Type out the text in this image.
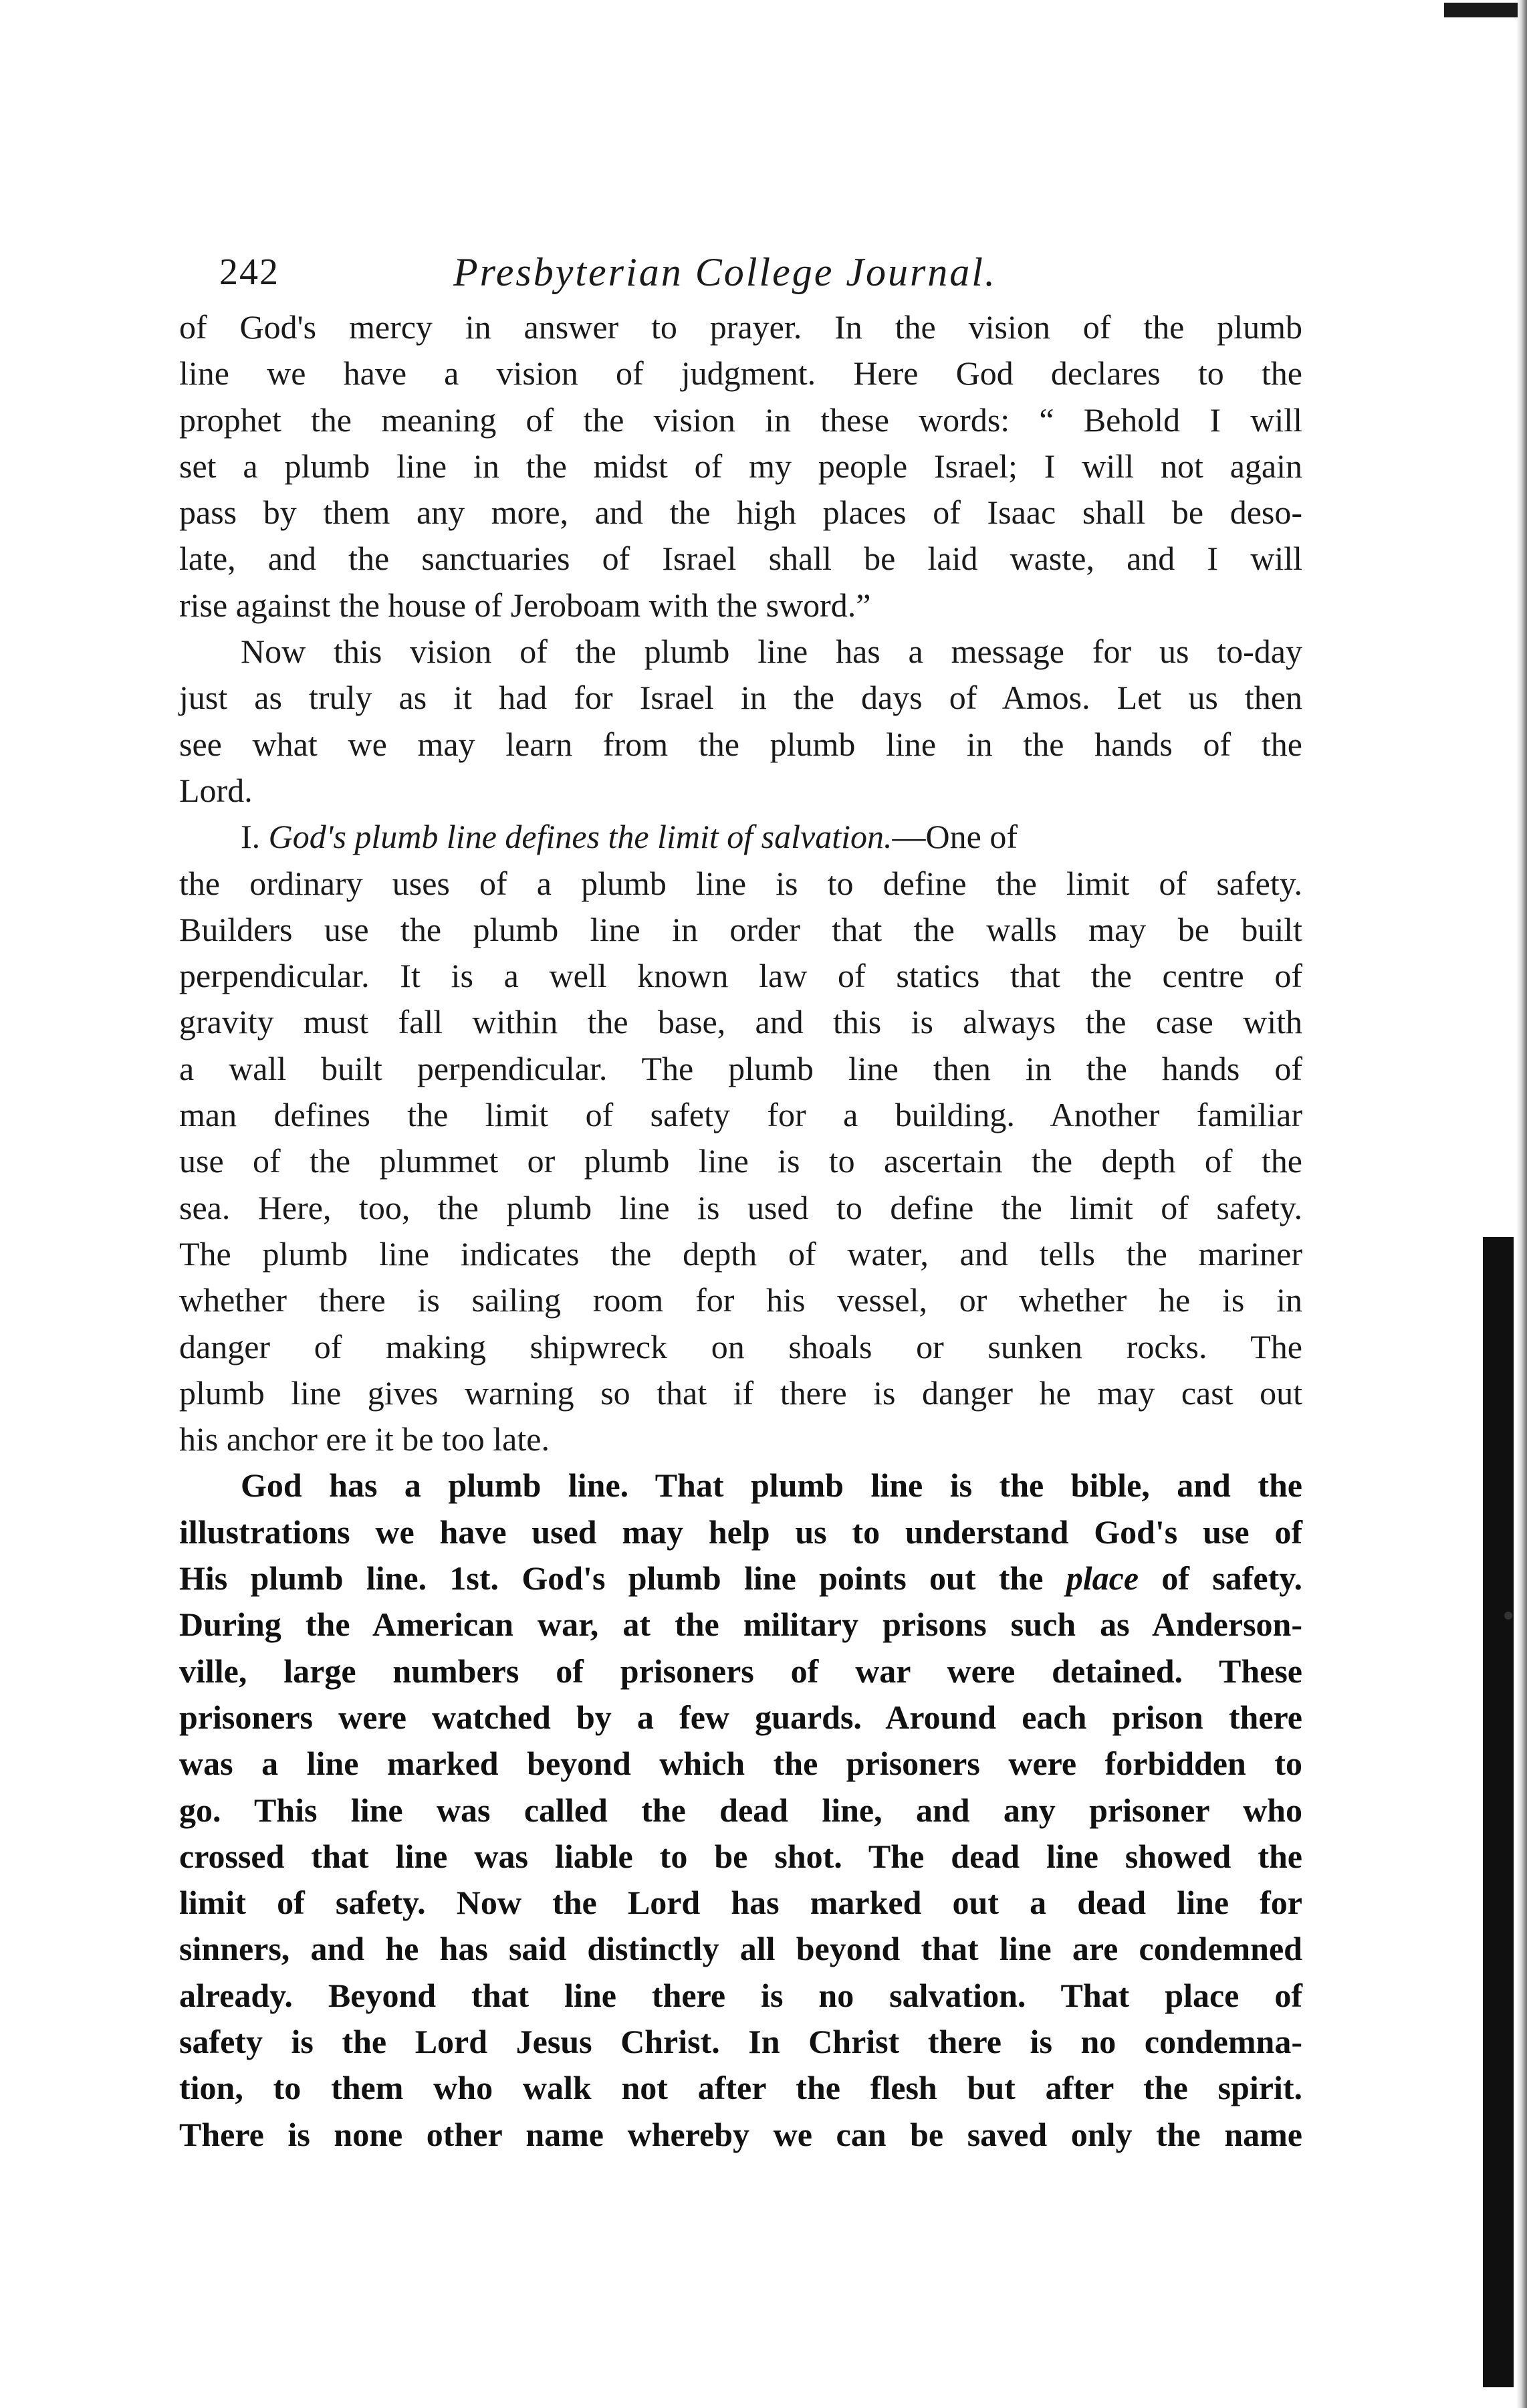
242	Presbyterian College Journal.
of God's mercy in answer to prayer. In the vision of the plumb
line we have a vision of judgment. Here God declares to the
prophet the meaning of the vision in these words: “ Behold I will
set a plumb line in the midst of my people Israel; I will not again
pass by them any more, and the high places of Isaac shall be deso-
late, and the sanctuaries of Israel shall be laid waste, and I will
rise against the house of Jeroboam with the sword.”
Now this vision of the plumb line has a message for us to-day
just as truly as it had for Israel in the days of Amos. Let us then
see what we may learn from the plumb line in the hands of the
Lord.
I. God's plumb line defines the limit of salvation.—One of
the ordinary uses of a plumb line is to define the limit of safety.
Builders use the plumb line in order that the walls may be built
perpendicular. It is a well known law of statics that the centre of
gravity must fall within the base, and this is always the case with
a wall built perpendicular. The plumb line then in the hands of
man defines the limit of safety for a building. Another familiar
use of the plummet or plumb line is to ascertain the depth of the
sea. Here, too, the plumb line is used to define the limit of safety.
The plumb line indicates the depth of water, and tells the mariner
whether there is sailing room for his vessel, or whether he is in
danger of making shipwreck on shoals or sunken rocks. The
plumb line gives warning so that if there is danger he may cast out
his anchor ere it be too late.
God has a plumb line. That plumb line is the bible, and the
illustrations we have used may help us to understand God's use of
His plumb line. 1st. God's plumb line points out the place of safety.
During the American war, at the military prisons such as Anderson-
ville, large numbers of prisoners of war were detained. These
prisoners were watched by a few guards. Around each prison there
was a line marked beyond which the prisoners were forbidden to
go. This line was called the dead line, and any prisoner who
crossed that line was liable to be shot. The dead line showed the
limit of safety. Now the Lord has marked out a dead line for
sinners, and he has said distinctly all beyond that line are condemned
already. Beyond that line there is no salvation. That place of
safety is the Lord Jesus Christ. In Christ there is no condemna-
tion, to them who walk not after the flesh but after the spirit.
There is none other name whereby we can be saved only the name
